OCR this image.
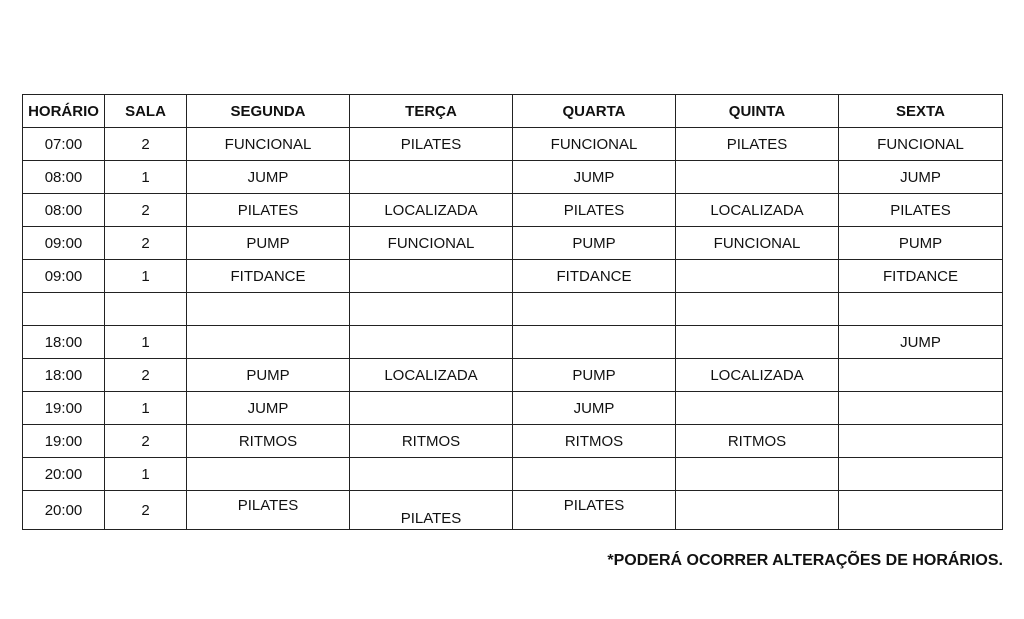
HORÁRIO	SALA	SEGUNDA	TERÇA	QUARTA	QUINTA	SEXTA
07:00	2	FUNCIONAL	PILATES	FUNCIONAL	PILATES	FUNCIONAL
08:00	1	JUMP		JUMP		JUMP
08:00	2	PILATES	LOCALIZADA	PILATES	LOCALIZADA	PILATES
09:00	2	PUMP	FUNCIONAL	PUMP	FUNCIONAL	PUMP
09:00	1	FITDANCE		FITDANCE		FITDANCE

18:00	1					JUMP
18:00	2	PUMP	LOCALIZADA	PUMP	LOCALIZADA	
19:00	1	JUMP		JUMP		
19:00	2	RITMOS	RITMOS	RITMOS	RITMOS	
20:00	1					
20:00	2	PILATES	PILATES	PILATES		
*PODERÁ OCORRER ALTERAÇÕES DE HORÁRIOS.
